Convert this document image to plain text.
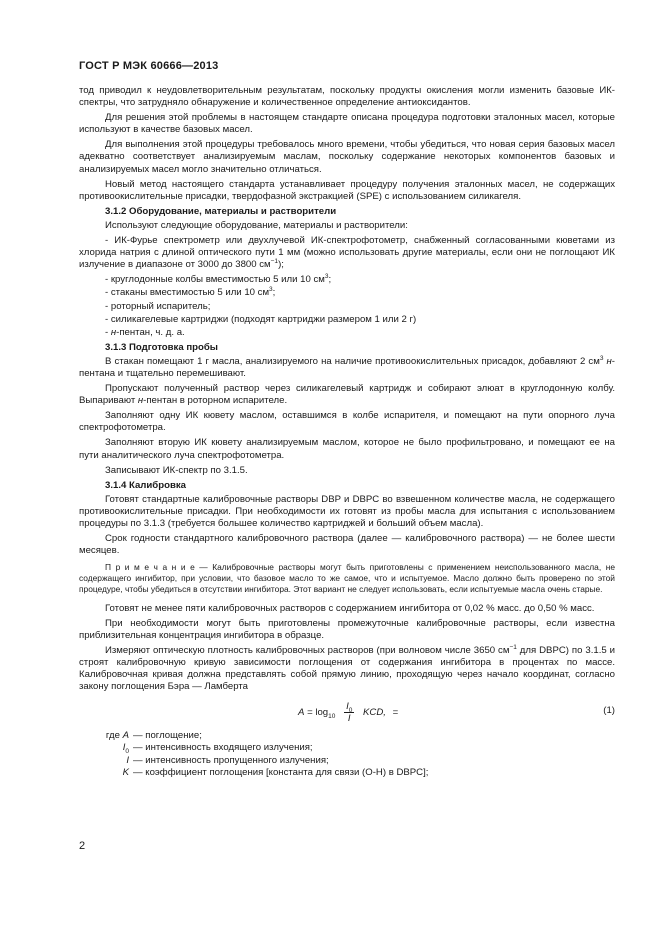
ГОСТ Р МЭК 60666—2013

тод приводил к неудовлетворительным результатам, поскольку продукты окисления могли изменить базовые ИК-спектры, что затрудняло обнаружение и количественное определение антиоксидантов.

Для решения этой проблемы в настоящем стандарте описана процедура подготовки эталонных масел, которые используют в качестве базовых масел.

Для выполнения этой процедуры требовалось много времени, чтобы убедиться, что новая серия базовых масел адекватно соответствует анализируемым маслам, поскольку содержание некоторых компонентов базовых и анализируемых масел могло значительно отличаться.

Новый метод настоящего стандарта устанавливает процедуру получения эталонных масел, не содержащих противоокислительные присадки, твердофазной экстракцией (SPE) с использованием силикагеля.

3.1.2 Оборудование, материалы и растворители

Используют следующие оборудование, материалы и растворители:

- ИК-Фурье спектрометр или двухлучевой ИК-спектрофотометр, снабженный согласованными кюветами из хлорида натрия с длиной оптического пути 1 мм (можно использовать другие материалы, если они не поглощают ИК излучение в диапазоне от 3000 до 3800 $см^{-1}$);

- круглодонные колбы вместимостью 5 или 10 $см^3$;

- стаканы вместимостью 5 или 10 $см^3$;

- роторный испаритель;

- силикагелевые картриджи (подходят картриджи размером 1 или 2 г)

- н-пентан, ч. д. а.

3.1.3 Подготовка пробы

В стакан помещают 1 г масла, анализируемого на наличие противоокислительных присадок, добавляют 2 $см^3$ н-пентана и тщательно перемешивают.

Пропускают полученный раствор через силикагелевый картридж и собирают элюат в круглодонную колбу. Выпаривают н-пентан в роторном испарителе.

Заполняют одну ИК кювету маслом, оставшимся в колбе испарителя, и помещают на пути опорного луча спектрофотометра.

Заполняют вторую ИК кювету анализируемым маслом, которое не было профильтровано, и помещают ее на пути аналитического луча спектрофотометра.

Записывают ИК-спектр по 3.1.5.

3.1.4 Калибровка

Готовят стандартные калибровочные растворы DBP и DBPC во взвешенном количестве масла, не содержащего противоокислительные присадки. При необходимости их готовят из пробы масла для испытания с использованием процедуры по 3.1.3 (требуется большее количество картриджей и больший объем масла).

Срок годности стандартного калибровочного раствора (далее — калибровочного раствора) — не более шести месяцев.

П р и м е ч а н и е — Калибровочные растворы могут быть приготовлены с применением неиспользованного масла, не содержащего ингибитор, при условии, что базовое масло то же самое, что и испытуемое. Масло должно быть проверено по этой процедуре, чтобы убедиться в отсутствии ингибитора. Этот вариант не следует использовать, если испытуемые масла очень старые.

Готовят не менее пяти калибровочных растворов с содержанием ингибитора от 0,02 % масс. до 0,50 % масс.

При необходимости могут быть приготовлены промежуточные калибровочные растворы, если известна приблизительная концентрация ингибитора в образце.

Измеряют оптическую плотность калибровочных растворов (при волновом числе 3650 $см^{-1}$ для DBPC) по 3.1.5 и строят калибровочную кривую зависимости поглощения от содержания ингибитора в процентах по массе. Калибровочная кривая должна представлять собой прямую линию, проходящую через начало координат, согласно закону поглощения Бэра — Ламберта

$A = \log_{10} \frac{I_0}{I}$ KCD, =	(1)
где A — поглощение;
$I_0$ — интенсивность входящего излучения;
I — интенсивность пропущенного излучения;
K — коэффициент поглощения [константа для связи (О-Н) в DBPC];
2
